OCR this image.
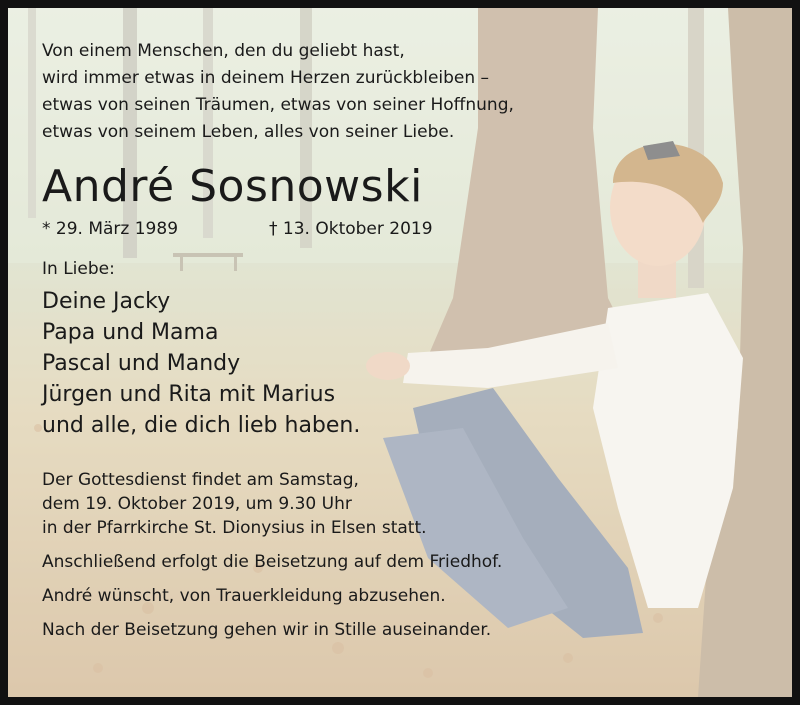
Von einem Menschen, den du geliebt hast,

wird immer etwas in deinem Herzen zurückbleiben –

etwas von seinen Träumen, etwas von seiner Hoffnung,

etwas von seinem Leben, alles von seiner Liebe.

André Sosnowski
* 29. März 1989	† 13. Oktober 2019

In Liebe:

Deine Jacky
Papa und Mama
Pascal und Mandy
Jürgen und Rita mit Marius
und alle, die dich lieb haben.

Der Gottesdienst findet am Samstag,

dem 19. Oktober 2019, um 9.30 Uhr

in der Pfarrkirche St. Dionysius in Elsen statt.

Anschließend erfolgt die Beisetzung auf dem Friedhof.

André wünscht, von Trauerkleidung abzusehen.

Nach der Beisetzung gehen wir in Stille auseinander.
